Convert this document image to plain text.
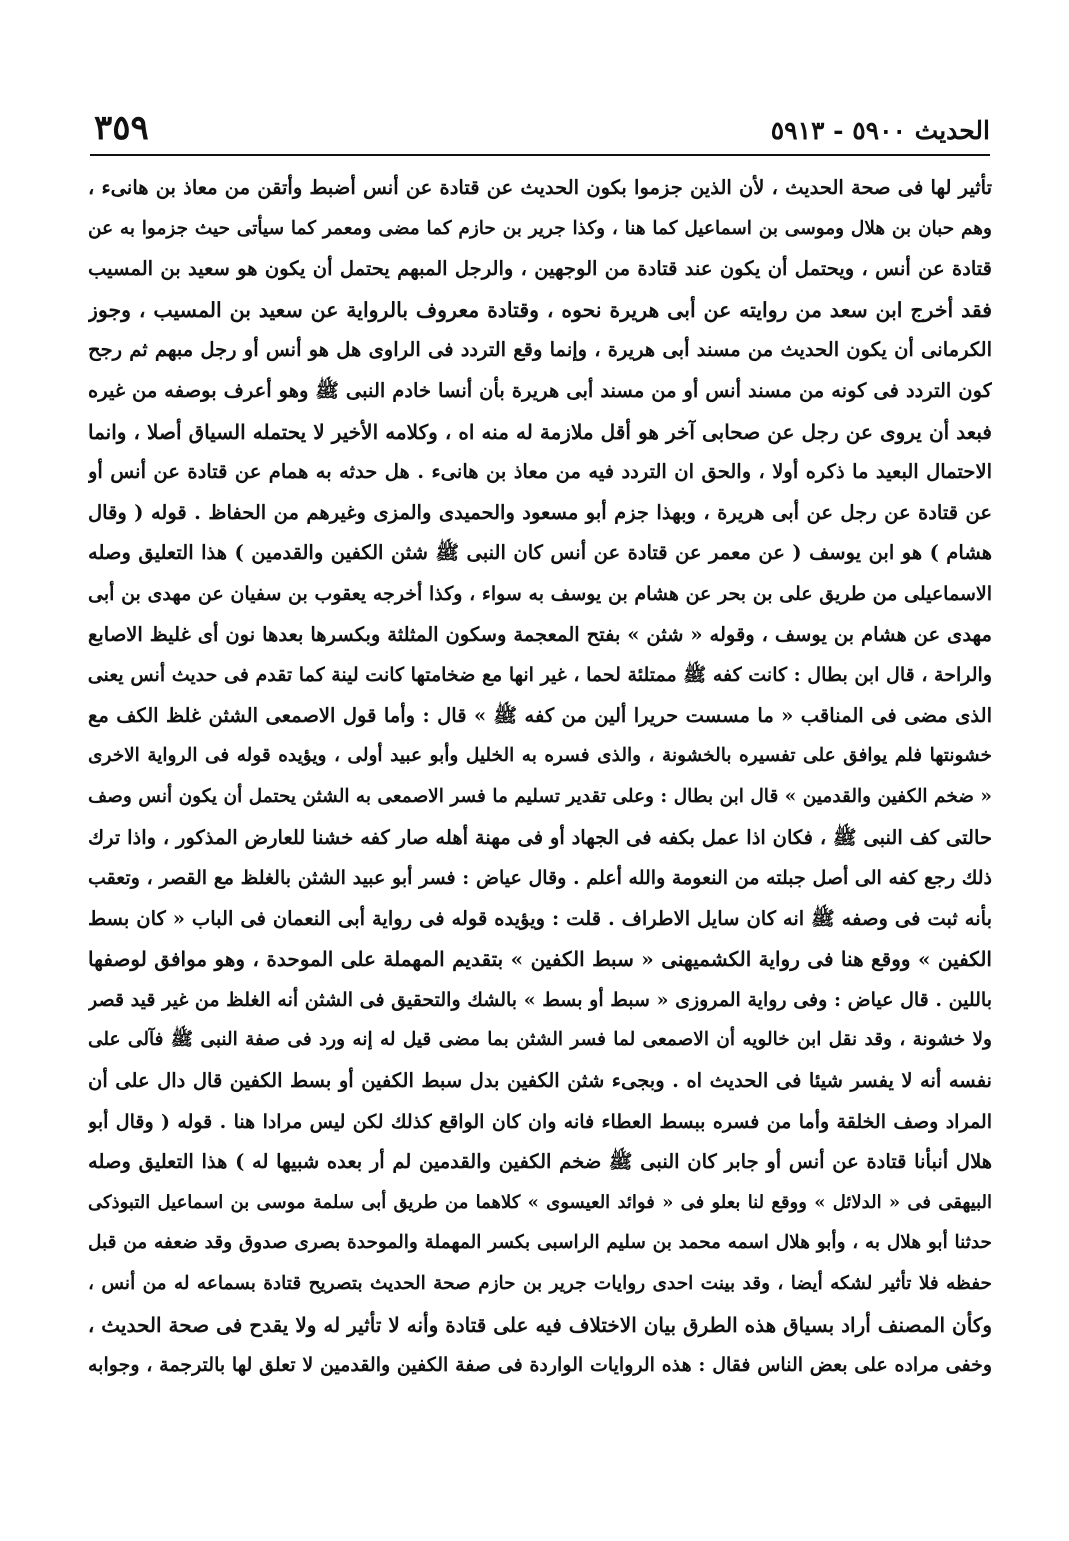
الحديث ٥٩٠٠ - ٥٩١٣
٣٥٩
تأثير لها فى صحة الحديث ، لأن الذين جزموا بكون الحديث عن قتادة عن أنس أضبط وأتقن من معاذ بن هانىء ،
وهم حبان بن هلال وموسى بن اسماعيل كما هنا ، وكذا جرير بن حازم كما مضى ومعمر كما سيأتى حيث جزموا به عن
قتادة عن أنس ، ويحتمل أن يكون عند قتادة من الوجهين ، والرجل المبهم يحتمل أن يكون هو سعيد بن المسيب
فقد أخرج ابن سعد من روايته عن أبى هريرة نحوه ، وقتادة معروف بالرواية عن سعيد بن المسيب ، وجوز
الكرمانى أن يكون الحديث من مسند أبى هريرة ، وإنما وقع التردد فى الراوى هل هو أنس أو رجل مبهم ثم رجح
كون التردد فى كونه من مسند أنس أو من مسند أبى هريرة بأن أنسا خادم النبى ﷺ وهو أعرف بوصفه من غيره
فبعد أن يروى عن رجل عن صحابى آخر هو أقل ملازمة له منه اه ، وكلامه الأخير لا يحتمله السياق أصلا ، وانما
الاحتمال البعيد ما ذكره أولا ، والحق ان التردد فيه من معاذ بن هانىء . هل حدثه به همام عن قتادة عن أنس أو
عن قتادة عن رجل عن أبى هريرة ، وبهذا جزم أبو مسعود والحميدى والمزى وغيرهم من الحفاظ . قوله ( وقال
هشام ) هو ابن يوسف ( عن معمر عن قتادة عن أنس كان النبى ﷺ شثن الكفين والقدمين ) هذا التعليق وصله
الاسماعيلى من طريق على بن بحر عن هشام بن يوسف به سواء ، وكذا أخرجه يعقوب بن سفيان عن مهدى بن أبى
مهدى عن هشام بن يوسف ، وقوله « شثن » بفتح المعجمة وسكون المثلثة وبكسرها بعدها نون أى غليظ الاصابع
والراحة ، قال ابن بطال : كانت كفه ﷺ ممتلئة لحما ، غير انها مع ضخامتها كانت لينة كما تقدم فى حديث أنس يعنى
الذى مضى فى المناقب « ما مسست حريرا ألين من كفه ﷺ » قال : وأما قول الاصمعى الشثن غلظ الكف مع
خشونتها فلم يوافق على تفسيره بالخشونة ، والذى فسره به الخليل وأبو عبيد أولى ، ويؤيده قوله فى الرواية الاخرى
« ضخم الكفين والقدمين » قال ابن بطال : وعلى تقدير تسليم ما فسر الاصمعى به الشثن يحتمل أن يكون أنس وصف
حالتى كف النبى ﷺ ، فكان اذا عمل بكفه فى الجهاد أو فى مهنة أهله صار كفه خشنا للعارض المذكور ، واذا ترك
ذلك رجع كفه الى أصل جبلته من النعومة والله أعلم . وقال عياض : فسر أبو عبيد الشثن بالغلظ مع القصر ، وتعقب
بأنه ثبت فى وصفه ﷺ انه كان سايل الاطراف . قلت : ويؤيده قوله فى رواية أبى النعمان فى الباب « كان بسط
الكفين » ووقع هنا فى رواية الكشميهنى « سبط الكفين » بتقديم المهملة على الموحدة ، وهو موافق لوصفها
باللين . قال عياض : وفى رواية المروزى « سبط أو بسط » بالشك والتحقيق فى الشثن أنه الغلظ من غير قيد قصر
ولا خشونة ، وقد نقل ابن خالويه أن الاصمعى لما فسر الشثن بما مضى قيل له إنه ورد فى صفة النبى ﷺ فآلى على
نفسه أنه لا يفسر شيئا فى الحديث اه . وبجىء شثن الكفين بدل سبط الكفين أو بسط الكفين قال دال على أن
المراد وصف الخلقة وأما من فسره ببسط العطاء فانه وان كان الواقع كذلك لكن ليس مرادا هنا . قوله ( وقال أبو
هلال أنبأنا قتادة عن أنس أو جابر كان النبى ﷺ ضخم الكفين والقدمين لم أر بعده شبيها له ) هذا التعليق وصله
البيهقى فى « الدلائل » ووقع لنا بعلو فى « فوائد العيسوى » كلاهما من طريق أبى سلمة موسى بن اسماعيل التبوذكى
حدثنا أبو هلال به ، وأبو هلال اسمه محمد بن سليم الراسبى بكسر المهملة والموحدة بصرى صدوق وقد ضعفه من قبل
حفظه فلا تأثير لشكه أيضا ، وقد بينت احدى روايات جرير بن حازم صحة الحديث بتصريح قتادة بسماعه له من أنس ،
وكأن المصنف أراد بسياق هذه الطرق بيان الاختلاف فيه على قتادة وأنه لا تأثير له ولا يقدح فى صحة الحديث ،
وخفى مراده على بعض الناس فقال : هذه الروايات الواردة فى صفة الكفين والقدمين لا تعلق لها بالترجمة ، وجوابه
